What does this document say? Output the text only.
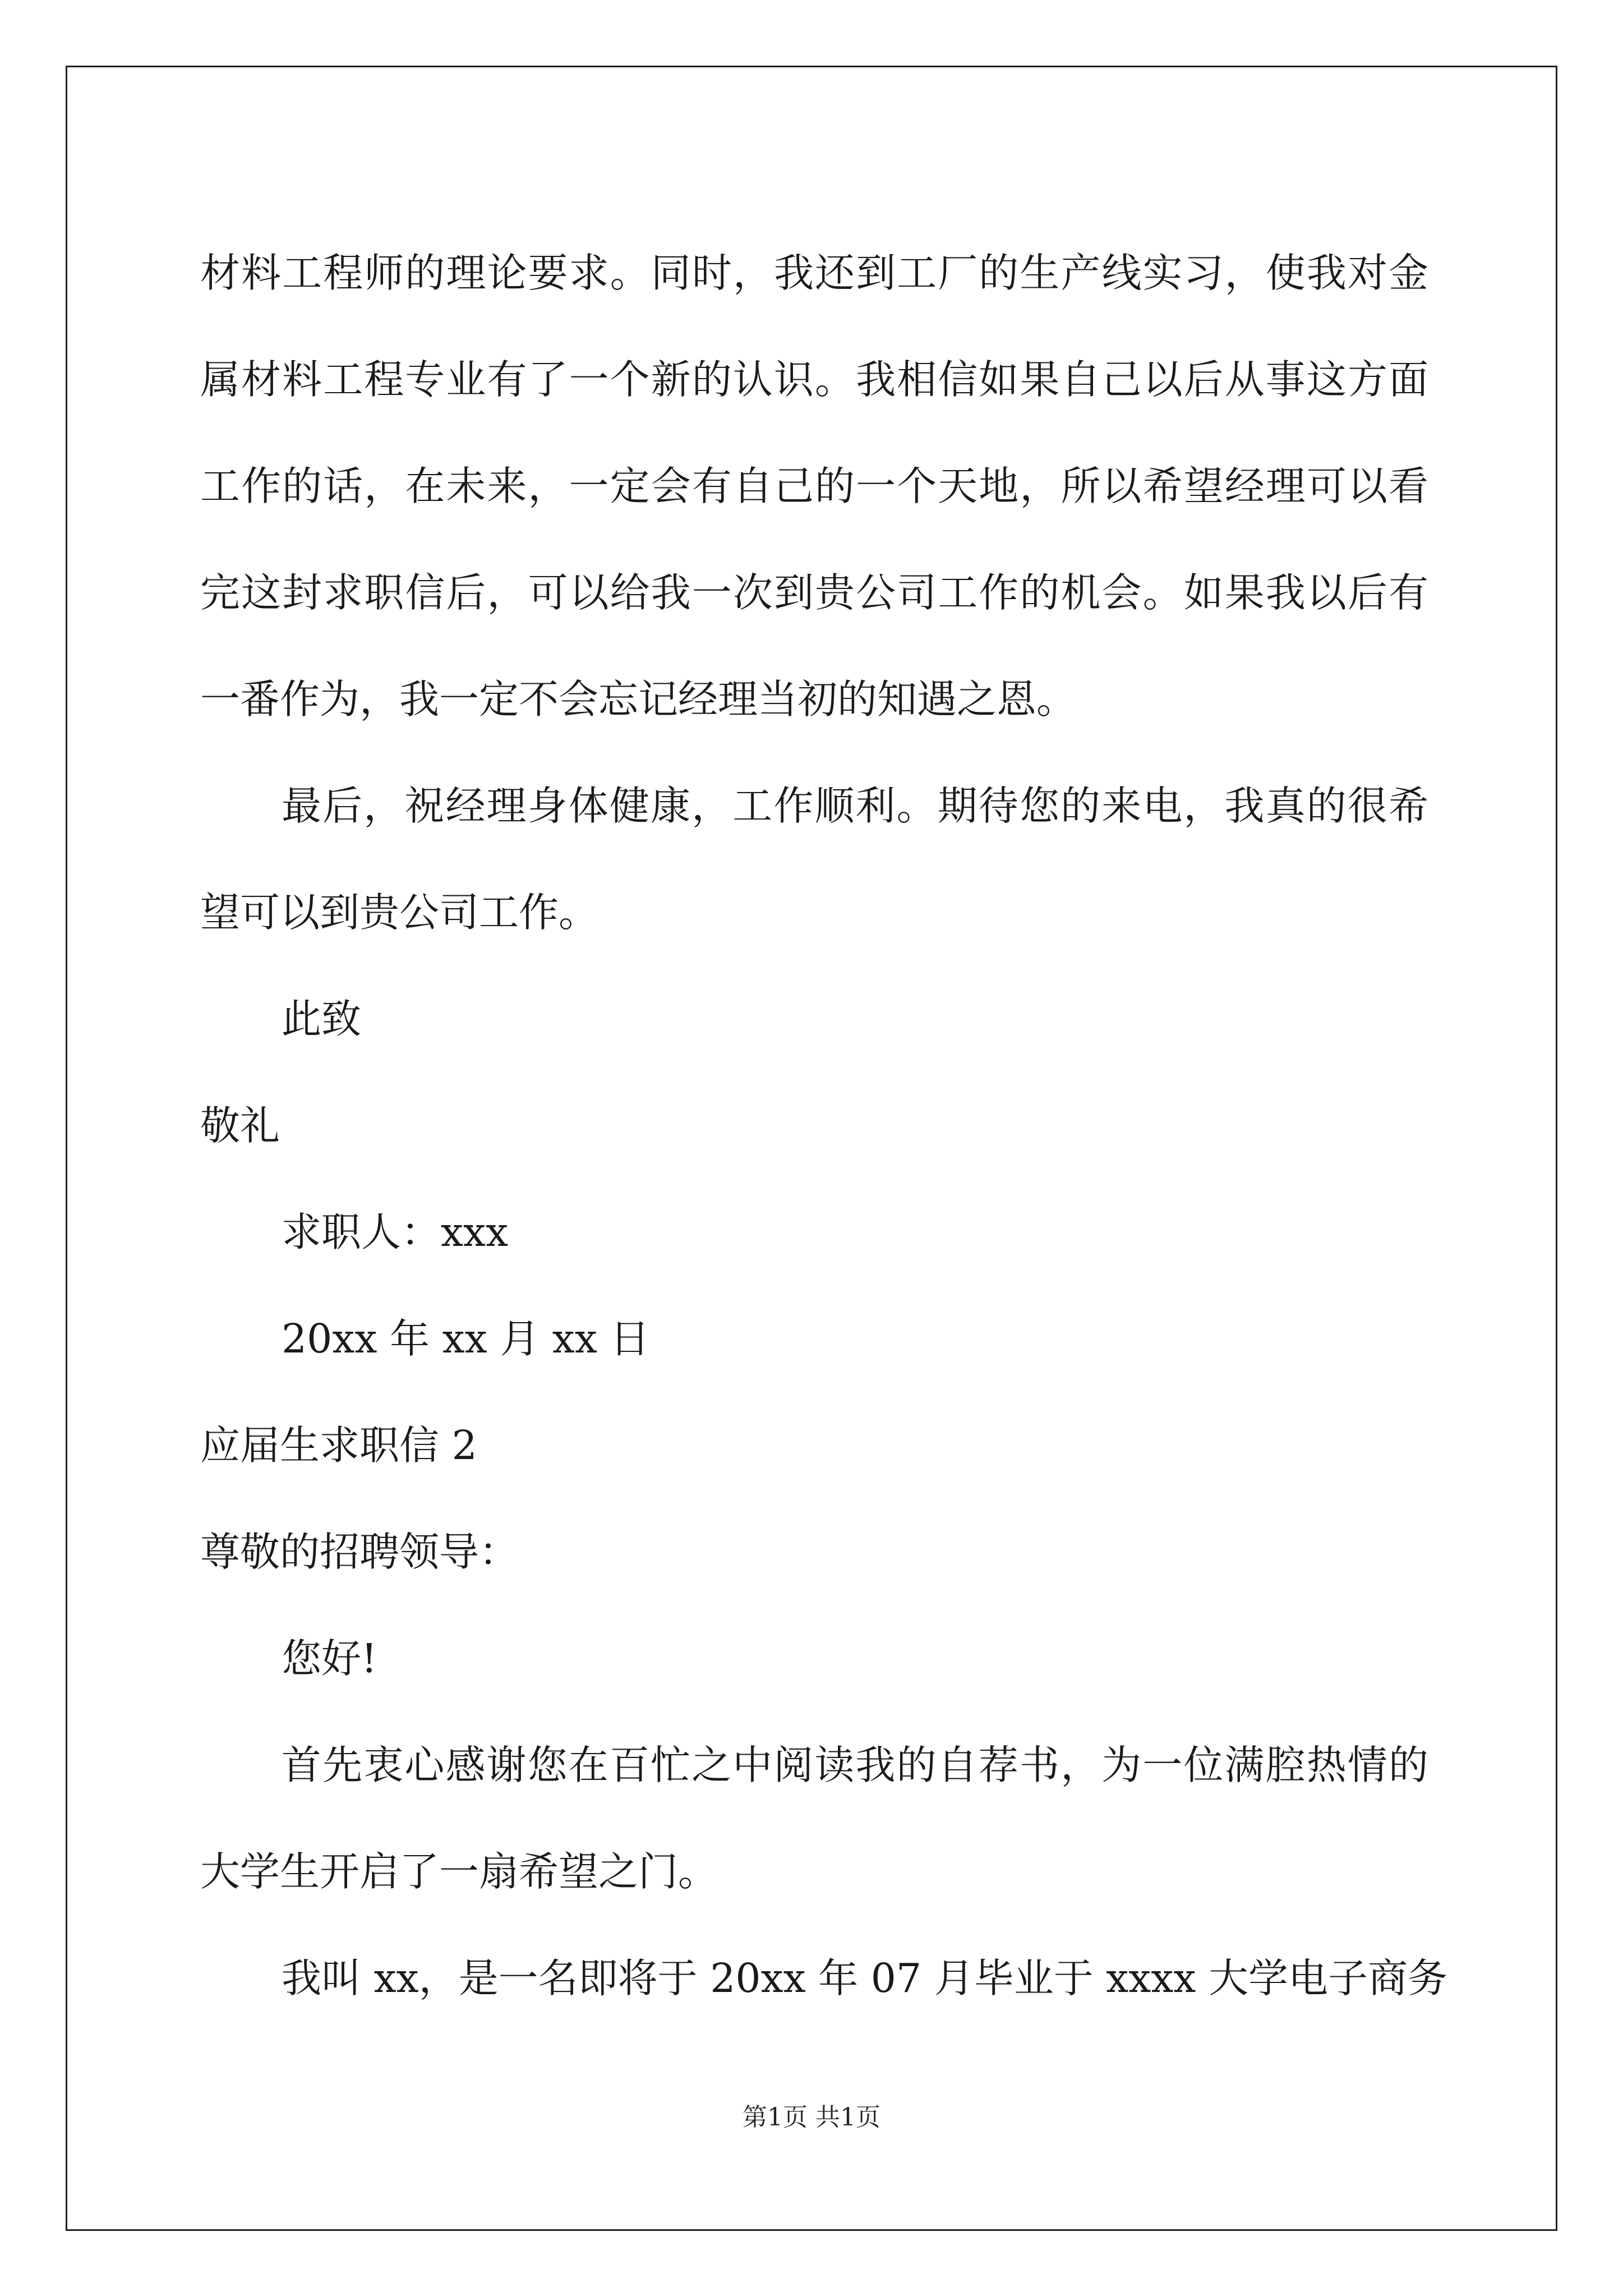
材料工程师的理论要求。同时，我还到工厂的生产线实习，使我对金
属材料工程专业有了一个新的认识。我相信如果自己以后从事这方面
工作的话，在未来，一定会有自己的一个天地，所以希望经理可以看
完这封求职信后，可以给我一次到贵公司工作的机会。如果我以后有
一番作为，我一定不会忘记经理当初的知遇之恩。
最后，祝经理身体健康，工作顺利。期待您的来电，我真的很希
望可以到贵公司工作。
此致
敬礼
求职人：xxx
20xx 年 xx 月 xx 日
应届生求职信 2
尊敬的招聘领导：
您好!
首先衷心感谢您在百忙之中阅读我的自荐书，为一位满腔热情的
大学生开启了一扇希望之门。
我叫 xx，是一名即将于 20xx 年 07 月毕业于 xxxx 大学电子商务
第1页 共1页
